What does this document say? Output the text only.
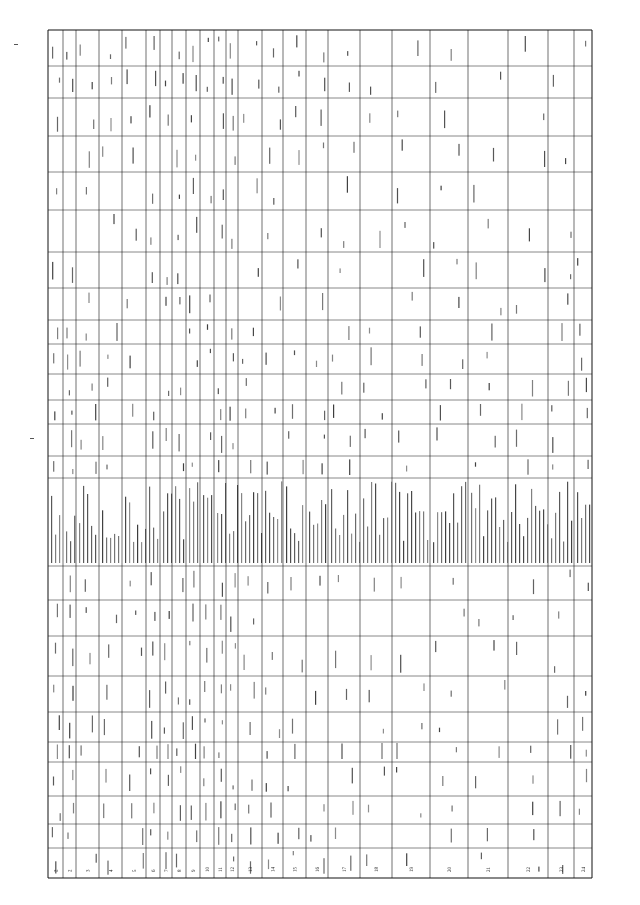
2 2	3	4	5	6 7 8 9 10 11 12	13	14	15	16	17	18	19	20	21	22	23	24
